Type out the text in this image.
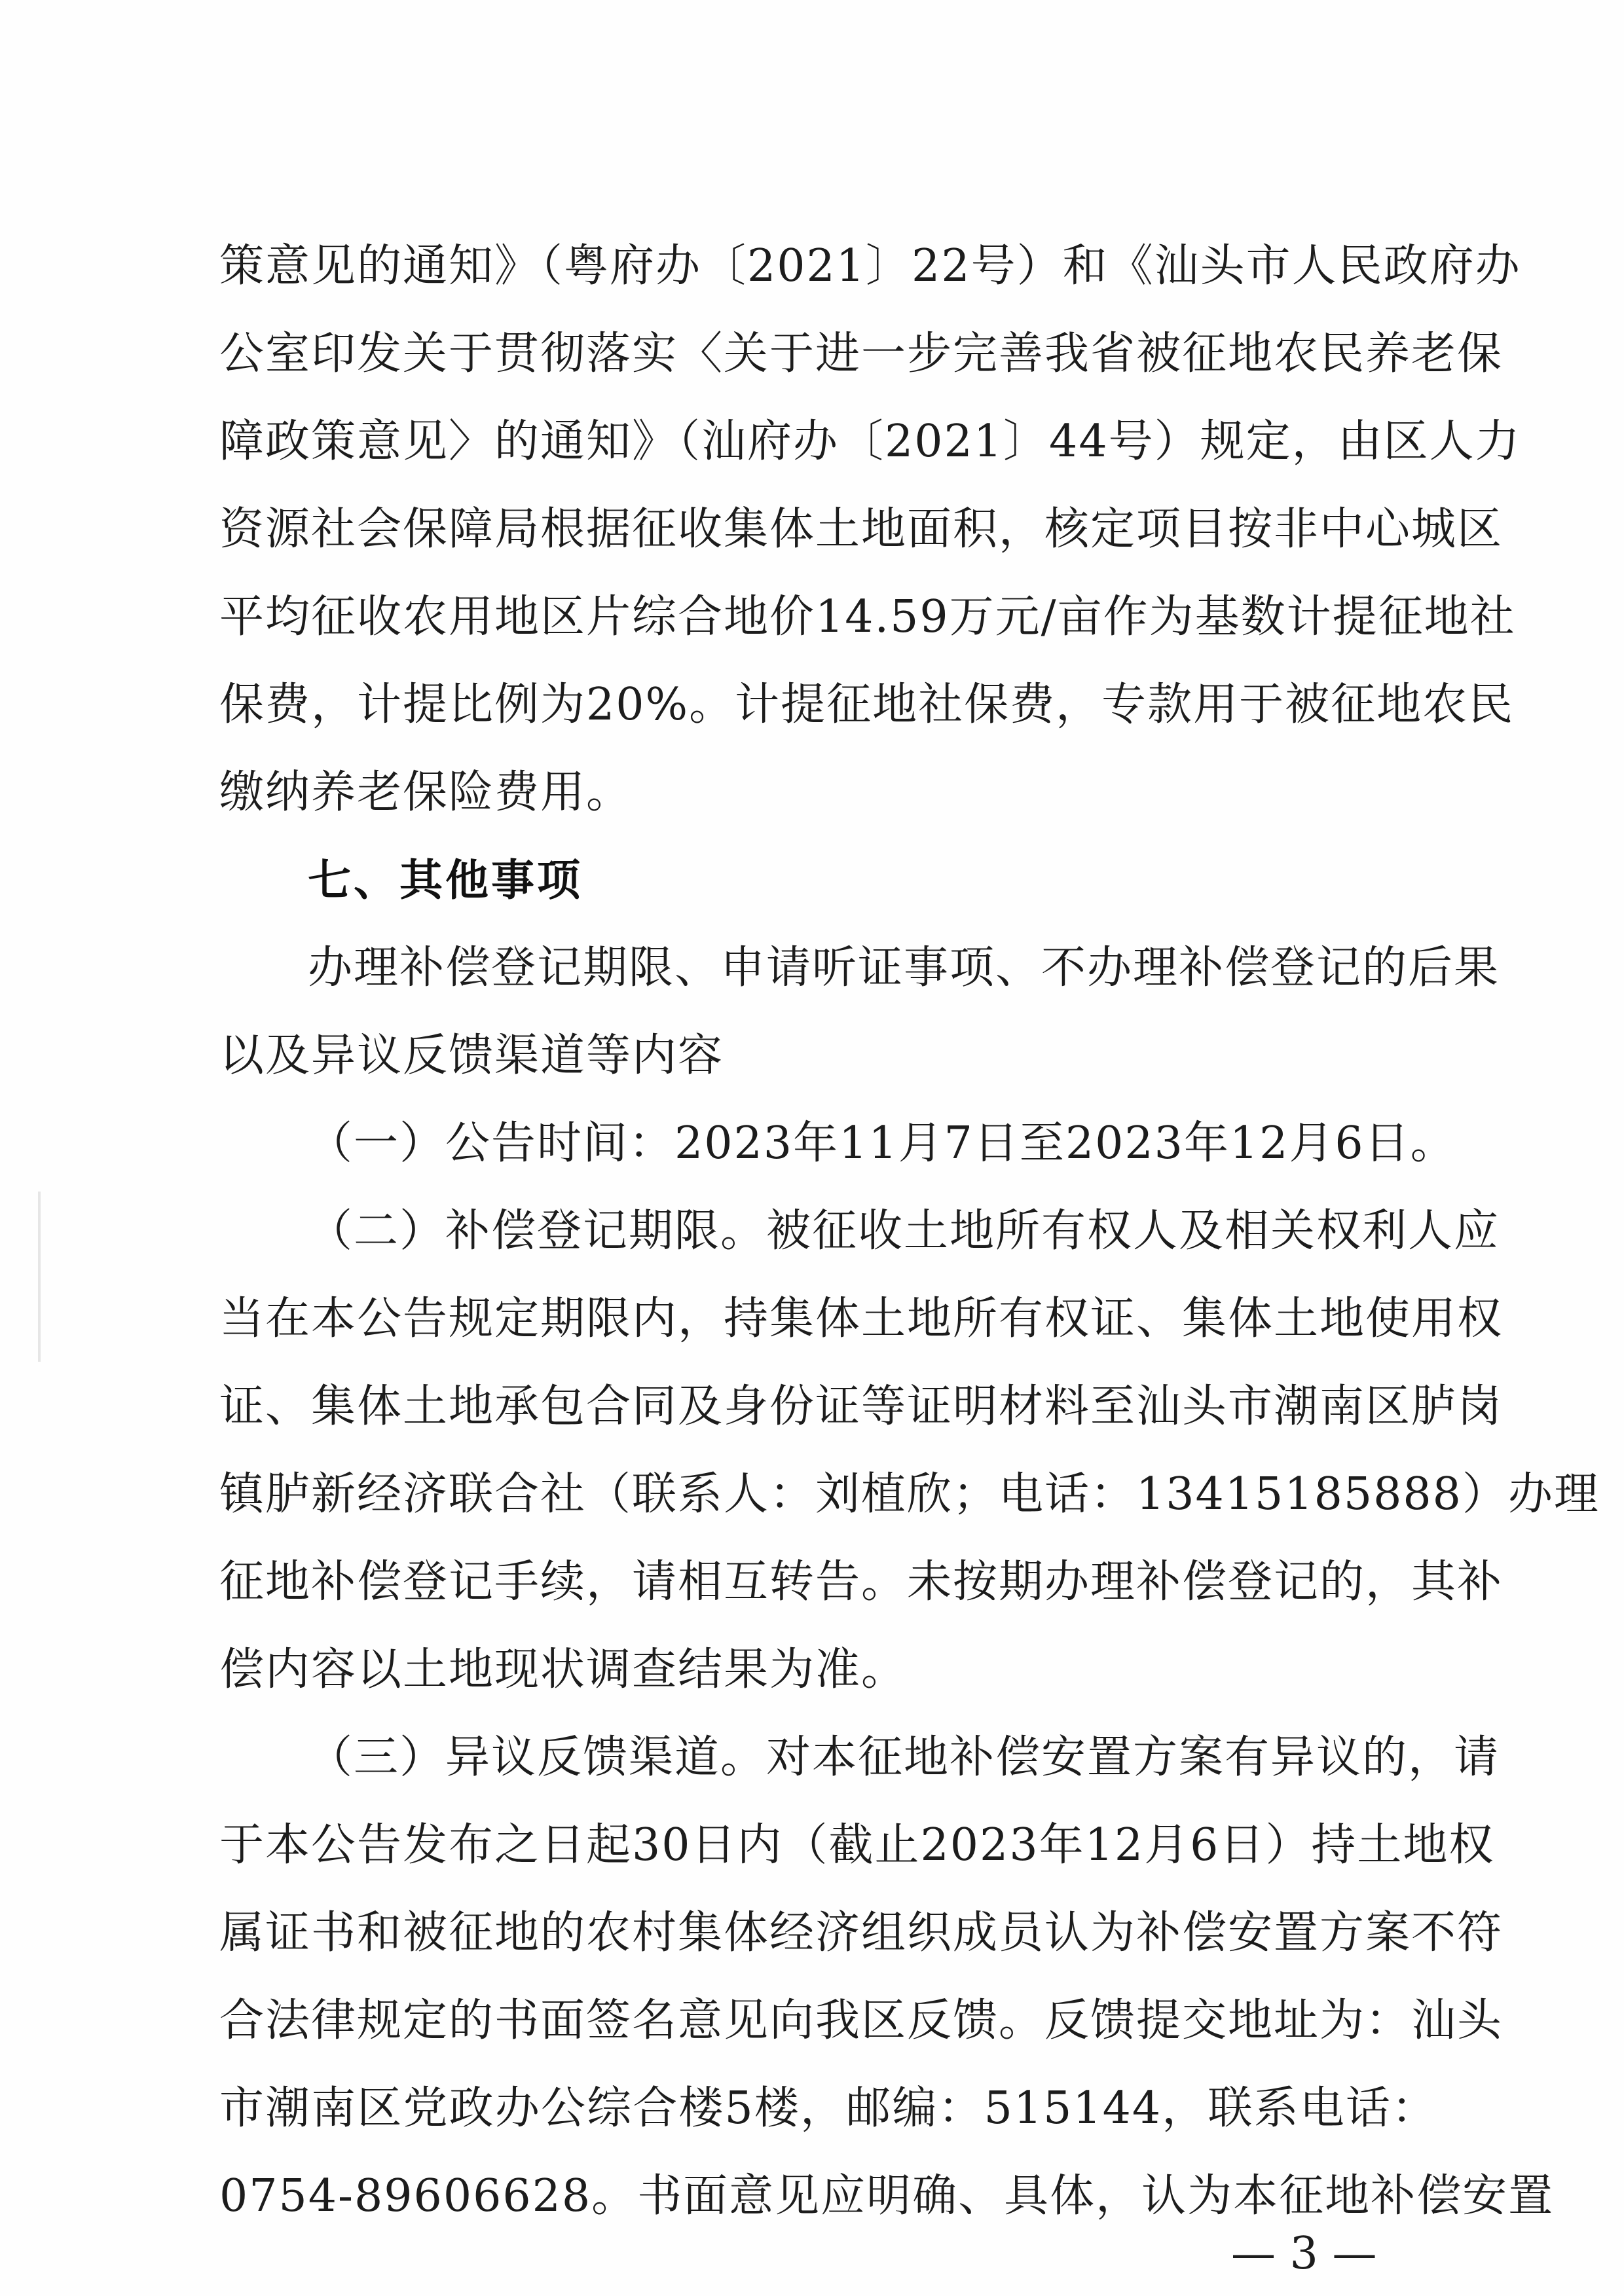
策意见的通知》（粤府办〔2021〕22号）和《汕头市人民政府办
公室印发关于贯彻落实〈关于进一步完善我省被征地农民养老保
障政策意见〉的通知》（汕府办〔2021〕44号）规定，由区人力
资源社会保障局根据征收集体土地面积，核定项目按非中心城区
平均征收农用地区片综合地价14.59万元/亩作为基数计提征地社
保费，计提比例为20%。计提征地社保费，专款用于被征地农民
缴纳养老保险费用。
七、其他事项
办理补偿登记期限、申请听证事项、不办理补偿登记的后果
以及异议反馈渠道等内容
（一）公告时间：2023年11月7日至2023年12月6日。
（二）补偿登记期限。被征收土地所有权人及相关权利人应
当在本公告规定期限内，持集体土地所有权证、集体土地使用权
证、集体土地承包合同及身份证等证明材料至汕头市潮南区胪岗
镇胪新经济联合社（联系人：刘植欣；电话：13415185888）办理
征地补偿登记手续，请相互转告。未按期办理补偿登记的，其补
偿内容以土地现状调查结果为准。
（三）异议反馈渠道。对本征地补偿安置方案有异议的，请
于本公告发布之日起30日内（截止2023年12月6日）持土地权
属证书和被征地的农村集体经济组织成员认为补偿安置方案不符
合法律规定的书面签名意见向我区反馈。反馈提交地址为：汕头
市潮南区党政办公综合楼5楼，邮编：515144，联系电话：
0754-89606628。书面意见应明确、具体，认为本征地补偿安置
— 3 —
